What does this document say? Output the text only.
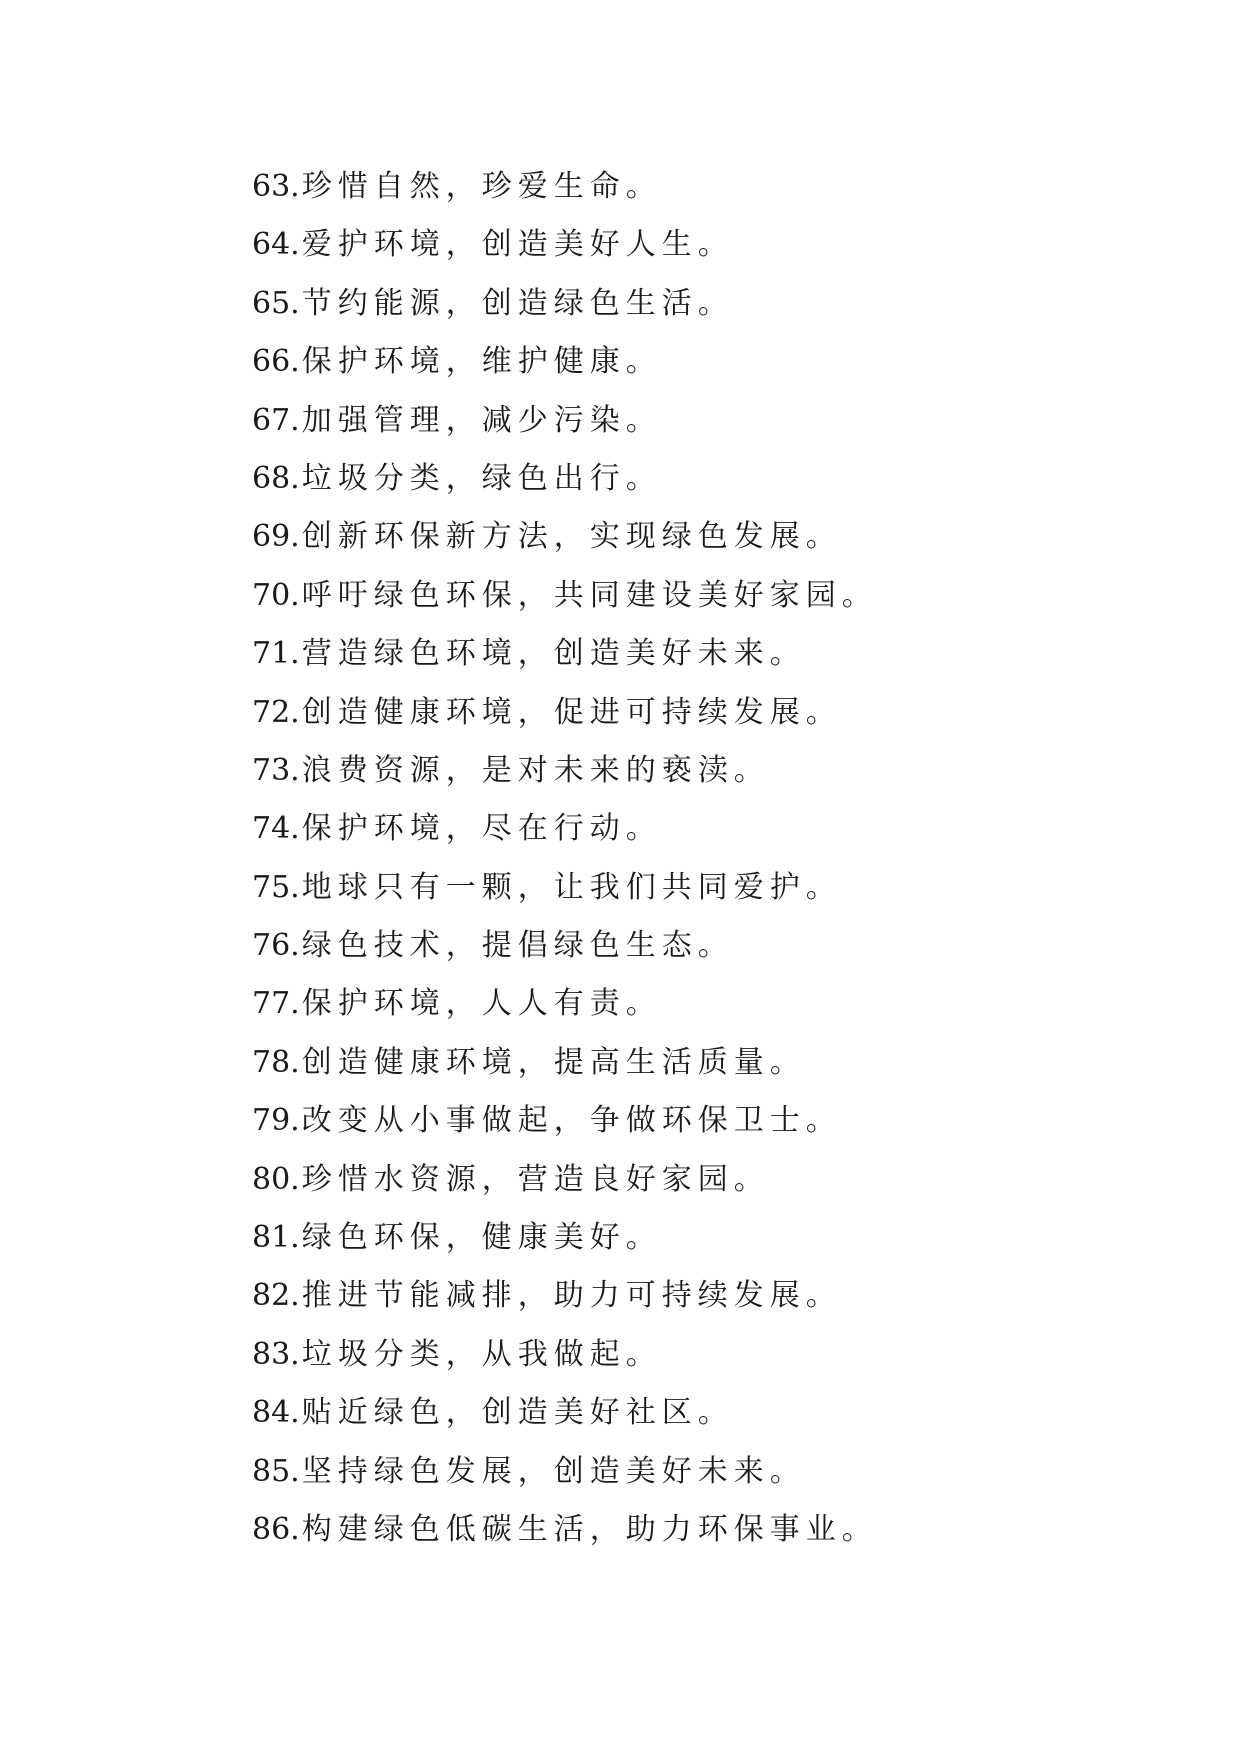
63. 珍惜自然，珍爱生命。
64. 爱护环境，创造美好人生。
65. 节约能源，创造绿色生活。
66. 保护环境，维护健康。
67. 加强管理，减少污染。
68. 垃圾分类，绿色出行。
69. 创新环保新方法，实现绿色发展。
70. 呼吁绿色环保，共同建设美好家园。
71. 营造绿色环境，创造美好未来。
72. 创造健康环境，促进可持续发展。
73. 浪费资源，是对未来的亵渎。
74. 保护环境，尽在行动。
75. 地球只有一颗，让我们共同爱护。
76. 绿色技术，提倡绿色生态。
77. 保护环境，人人有责。
78. 创造健康环境，提高生活质量。
79. 改变从小事做起，争做环保卫士。
80. 珍惜水资源，营造良好家园。
81. 绿色环保，健康美好。
82. 推进节能减排，助力可持续发展。
83. 垃圾分类，从我做起。
84. 贴近绿色，创造美好社区。
85. 坚持绿色发展，创造美好未来。
86. 构建绿色低碳生活，助力环保事业。
